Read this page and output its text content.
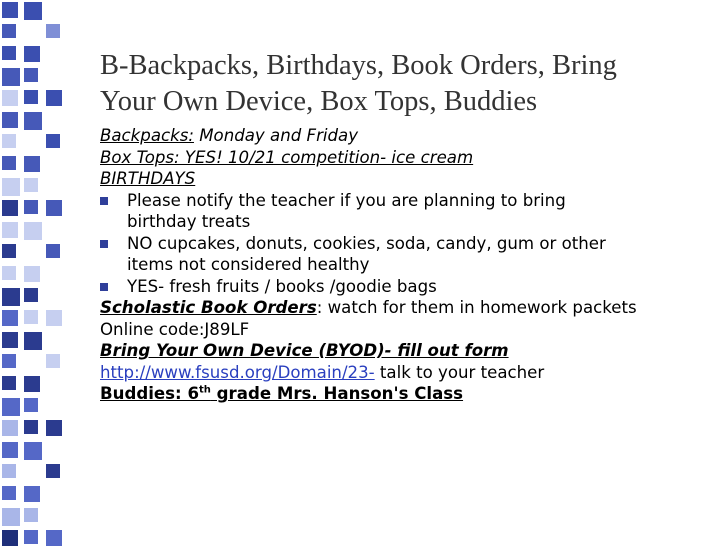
B-Backpacks, Birthdays, Book Orders, Bring
Your Own Device, Box Tops, Buddies
Backpacks: Monday and Friday
Box Tops: YES! 10/21 competition- ice cream
BIRTHDAYS
Please notify the teacher if you are planning to bring
birthday treats
NO cupcakes, donuts, cookies, soda, candy, gum or other
items not considered healthy
YES- fresh fruits / books /goodie bags
Scholastic Book Orders: watch for them in homework packets
Online code:J89LF
Bring Your Own Device (BYOD)- fill out form
http://www.fsusd.org/Domain/23- talk to your teacher
Buddies: 6th grade Mrs. Hanson's Class
